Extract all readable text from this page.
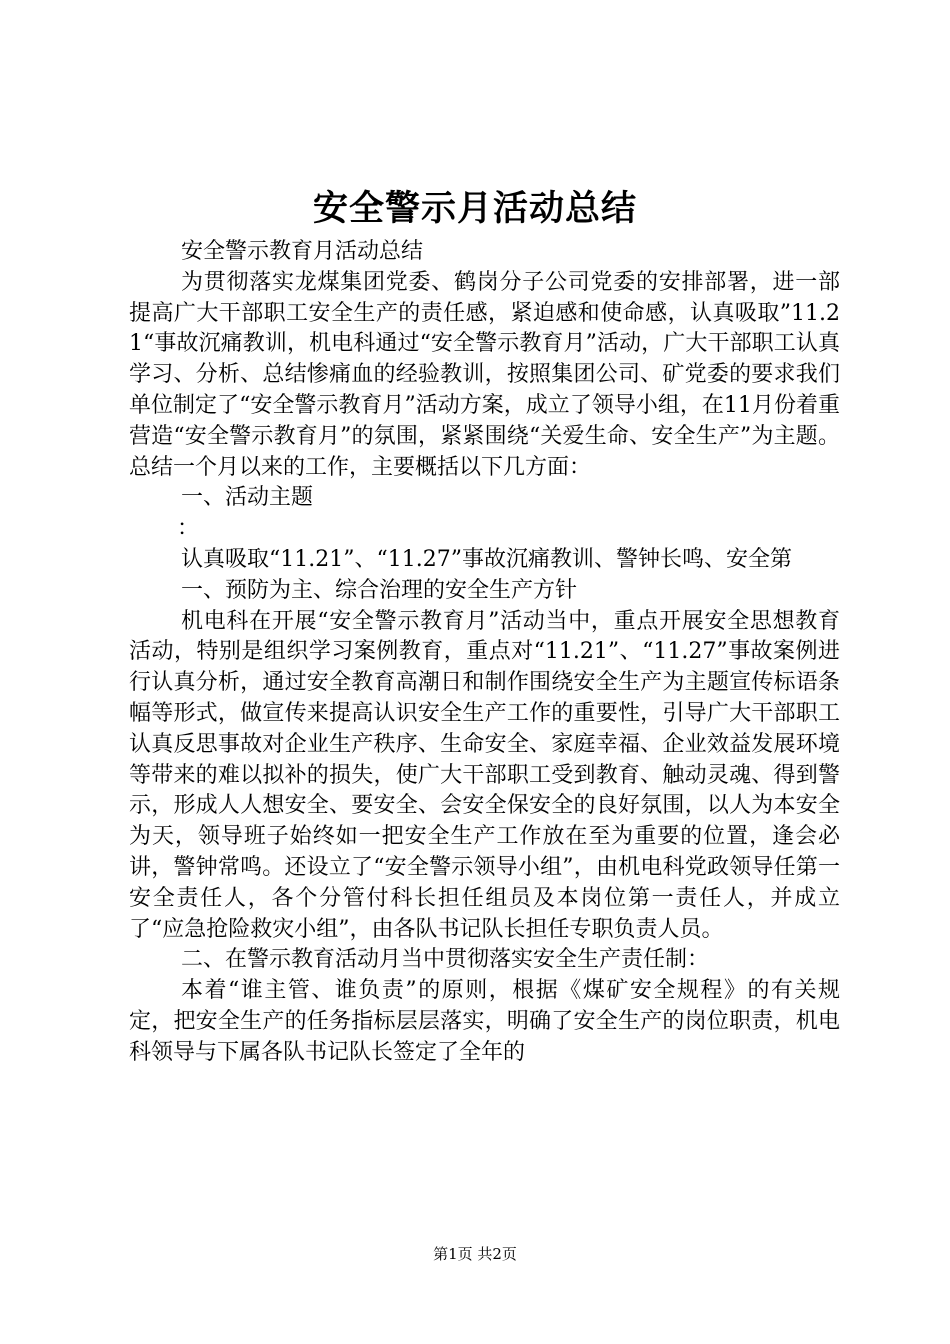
安全警示月活动总结

安全警示教育月活动总结

为贯彻落实龙煤集团党委、鹤岗分子公司党委的安排部署，进一部提高广大干部职工安全生产的责任感，紧迫感和使命感，认真吸取”11.21“事故沉痛教训，机电科通过“安全警示教育月”活动，广大干部职工认真学习、分析、总结惨痛血的经验教训，按照集团公司、矿党委的要求我们单位制定了“安全警示教育月”活动方案，成立了领导小组，在11月份着重营造“安全警示教育月”的氛围，紧紧围绕“关爱生命、安全生产”为主题。总结一个月以来的工作，主要概括以下几方面：

一、活动主题

：

认真吸取“11.21”、“11.27”事故沉痛教训、警钟长鸣、安全第

一、预防为主、综合治理的安全生产方针

机电科在开展“安全警示教育月”活动当中，重点开展安全思想教育活动，特别是组织学习案例教育，重点对“11.21”、“11.27”事故案例进行认真分析，通过安全教育高潮日和制作围绕安全生产为主题宣传标语条幅等形式，做宣传来提高认识安全生产工作的重要性，引导广大干部职工认真反思事故对企业生产秩序、生命安全、家庭幸福、企业效益发展环境等带来的难以拟补的损失，使广大干部职工受到教育、触动灵魂、得到警示，形成人人想安全、要安全、会安全保安全的良好氛围，以人为本安全为天，领导班子始终如一把安全生产工作放在至为重要的位置，逢会必讲，警钟常鸣。还设立了“安全警示领导小组”，由机电科党政领导任第一安全责任人，各个分管付科长担任组员及本岗位第一责任人，并成立了“应急抢险救灾小组”，由各队书记队长担任专职负责人员。

二、在警示教育活动月当中贯彻落实安全生产责任制：

本着“谁主管、谁负责”的原则，根据《煤矿安全规程》的有关规定，把安全生产的任务指标层层落实，明确了安全生产的岗位职责，机电科领导与下属各队书记队长签定了全年的

第1页 共2页
